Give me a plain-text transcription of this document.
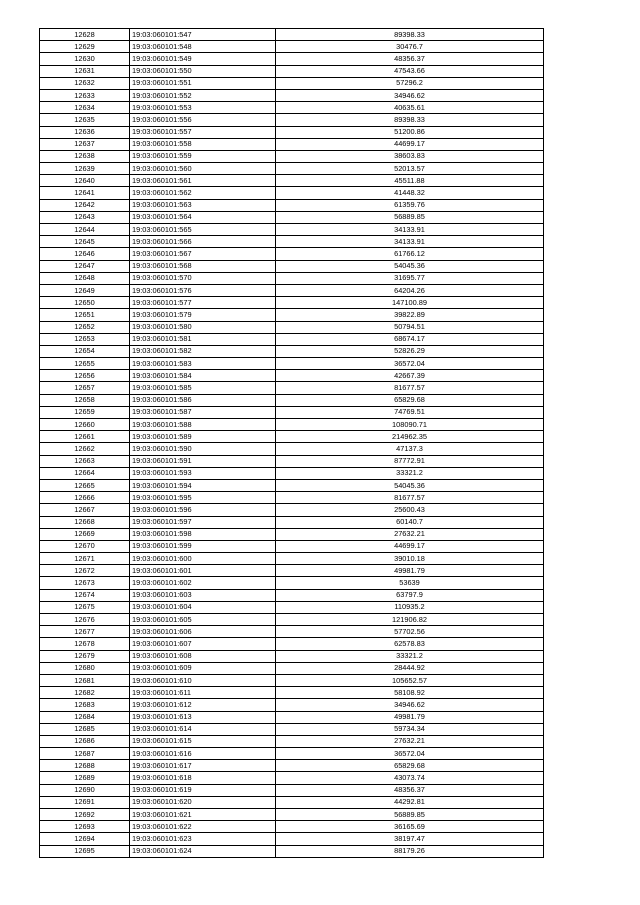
12628	19:03:060101:547	89398.33
12629	19:03:060101:548	30476.7
12630	19:03:060101:549	48356.37
12631	19:03:060101:550	47543.66
12632	19:03:060101:551	57296.2
12633	19:03:060101:552	34946.62
12634	19:03:060101:553	40635.61
12635	19:03:060101:556	89398.33
12636	19:03:060101:557	51200.86
12637	19:03:060101:558	44699.17
12638	19:03:060101:559	38603.83
12639	19:03:060101:560	52013.57
12640	19:03:060101:561	45511.88
12641	19:03:060101:562	41448.32
12642	19:03:060101:563	61359.76
12643	19:03:060101:564	56889.85
12644	19:03:060101:565	34133.91
12645	19:03:060101:566	34133.91
12646	19:03:060101:567	61766.12
12647	19:03:060101:568	54045.36
12648	19:03:060101:570	31695.77
12649	19:03:060101:576	64204.26
12650	19:03:060101:577	147100.89
12651	19:03:060101:579	39822.89
12652	19:03:060101:580	50794.51
12653	19:03:060101:581	68674.17
12654	19:03:060101:582	52826.29
12655	19:03:060101:583	36572.04
12656	19:03:060101:584	42667.39
12657	19:03:060101:585	81677.57
12658	19:03:060101:586	65829.68
12659	19:03:060101:587	74769.51
12660	19:03:060101:588	108090.71
12661	19:03:060101:589	214962.35
12662	19:03:060101:590	47137.3
12663	19:03:060101:591	87772.91
12664	19:03:060101:593	33321.2
12665	19:03:060101:594	54045.36
12666	19:03:060101:595	81677.57
12667	19:03:060101:596	25600.43
12668	19:03:060101:597	60140.7
12669	19:03:060101:598	27632.21
12670	19:03:060101:599	44699.17
12671	19:03:060101:600	39010.18
12672	19:03:060101:601	49981.79
12673	19:03:060101:602	53639
12674	19:03:060101:603	63797.9
12675	19:03:060101:604	110935.2
12676	19:03:060101:605	121906.82
12677	19:03:060101:606	57702.56
12678	19:03:060101:607	62578.83
12679	19:03:060101:608	33321.2
12680	19:03:060101:609	28444.92
12681	19:03:060101:610	105652.57
12682	19:03:060101:611	58108.92
12683	19:03:060101:612	34946.62
12684	19:03:060101:613	49981.79
12685	19:03:060101:614	59734.34
12686	19:03:060101:615	27632.21
12687	19:03:060101:616	36572.04
12688	19:03:060101:617	65829.68
12689	19:03:060101:618	43073.74
12690	19:03:060101:619	48356.37
12691	19:03:060101:620	44292.81
12692	19:03:060101:621	56889.85
12693	19:03:060101:622	36165.69
12694	19:03:060101:623	38197.47
12695	19:03:060101:624	88179.26
